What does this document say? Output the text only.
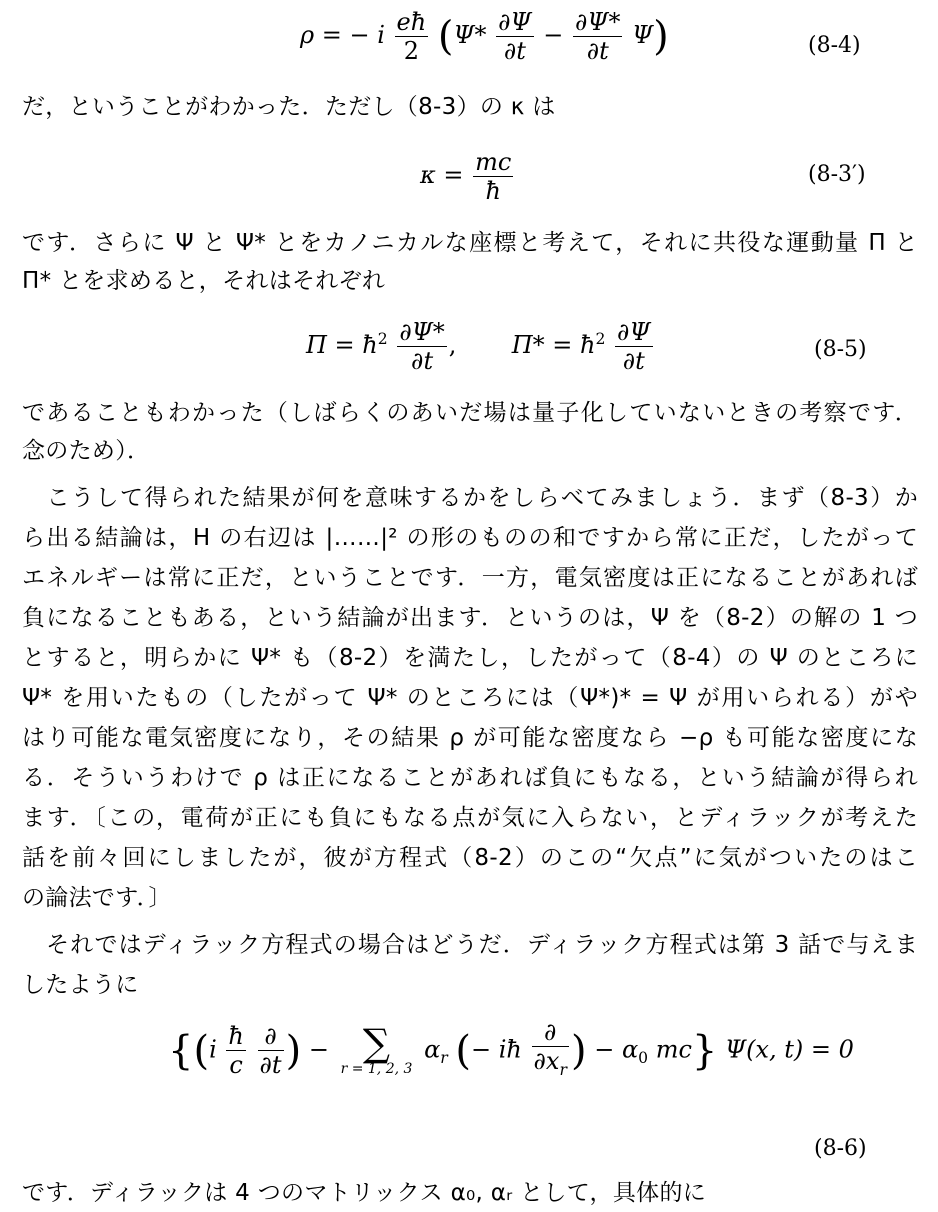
ρ = − i $\frac{eħ}{2} (\Psi* \frac{\partial\Psi}{\partial t} - \frac{\partial\Psi*}{\partial t} \Psi)$	(8-4)
だ，ということがわかった．ただし（8-3）の κ は
$\kappa = \frac{mc}{ħ}$	(8-3′)
です．さらに Ψ と Ψ* とをカノニカルな座標と考えて，それに共役な運動量 Π と
Π* とを求めると，それはそれぞれ
$\Pi = ħ^2 \frac{\partial\Psi*}{\partial t}$ , $\Pi* = ħ^2 \frac{\partial\Psi}{\partial t}$	(8-5)
であることもわかった（しばらくのあいだ場は量子化していないときの考察です．
念のため）．
　こうして得られた結果が何を意味するかをしらべてみましょう．まず（8-3）か
ら出る結論は，H の右辺は |……|² の形のものの和ですから常に正だ，したがって
エネルギーは常に正だ，ということです．一方，電気密度は正になることがあれば
負になることもある，という結論が出ます．というのは，Ψ を（8-2）の解の 1 つ
とすると，明らかに Ψ* も（8-2）を満たし，したがって（8-4）の Ψ のところに
Ψ* を用いたもの（したがって Ψ* のところには（Ψ*)* = Ψ が用いられる）がや
はり可能な電気密度になり，その結果 ρ が可能な密度なら −ρ も可能な密度にな
る．そういうわけで ρ は正になることがあれば負にもなる，という結論が得られ
ます．〔この，電荷が正にも負にもなる点が気に入らない，とディラックが考えた
話を前々回にしましたが，彼が方程式（8-2）のこの“欠点”に気がついたのはこ
の論法です．〕
　それではディラック方程式の場合はどうだ．ディラック方程式は第 3 話で与えま
したように
{($i \frac{ħ}{c}$
$\frac{\partial}{\partial t}$ ) − ∑
r = 1, 2, 3
$\alpha_r$ (− iħ $\frac{\partial}{\partial x_r}$ ) − $\alpha_0$ mc} Ψ(x, t) = 0
(8-6)
です．ディラックは 4 つのマトリックス α₀, αᵣ として，具体的に
